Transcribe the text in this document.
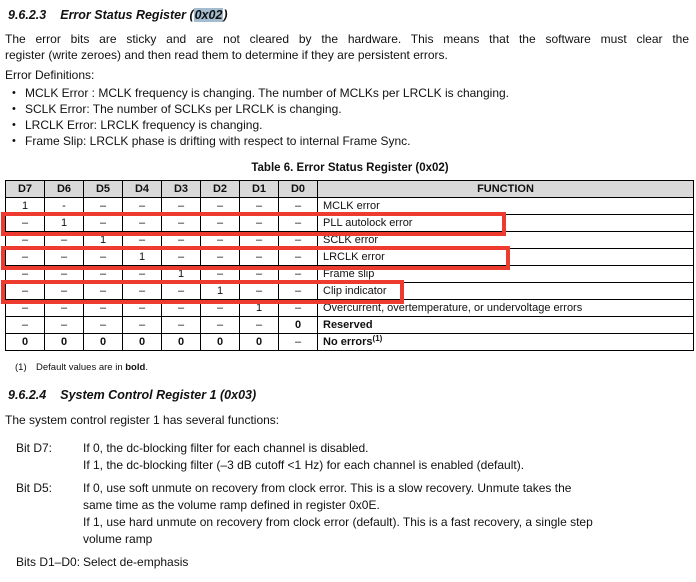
9.6.2.3 Error Status Register (0x02)
The error bits are sticky and are not cleared by the hardware. This means that the software must clear the
register (write zeroes) and then read them to determine if they are persistent errors.
Error Definitions:
• MCLK Error : MCLK frequency is changing. The number of MCLKs per LRCLK is changing.
• SCLK Error: The number of SCLKs per LRCLK is changing.
• LRCLK Error: LRCLK frequency is changing.
• Frame Slip: LRCLK phase is drifting with respect to internal Frame Sync.
Table 6. Error Status Register (0x02)
D7	D6	D5	D4	D3	D2	D1	D0	FUNCTION
1	-	–	–	–	–	–	–	MCLK error
–	1	–	–	–	–	–	–	PLL autolock error
–	–	1	–	–	–	–	–	SCLK error
–	–	–	1	–	–	–	–	LRCLK error
–	–	–	–	1	–	–	–	Frame slip
–	–	–	–	–	1	–	–	Clip indicator
–	–	–	–	–	–	1	–	Overcurrent, overtemperature, or undervoltage errors
–	–	–	–	–	–	–	0	Reserved
0	0	0	0	0	0	0	–	No errors$^{(1)}$
(1) Default values are in bold.
9.6.2.4 System Control Register 1 (0x03)
The system control register 1 has several functions:
Bit D7:	If 0, the dc-blocking filter for each channel is disabled.
If 1, the dc-blocking filter (–3 dB cutoff <1 Hz) for each channel is enabled (default).
Bit D5:	If 0, use soft unmute on recovery from clock error. This is a slow recovery. Unmute takes the
same time as the volume ramp defined in register 0x0E.
If 1, use hard unmute on recovery from clock error (default). This is a fast recovery, a single step
volume ramp
Bits D1–D0: Select de-emphasis
